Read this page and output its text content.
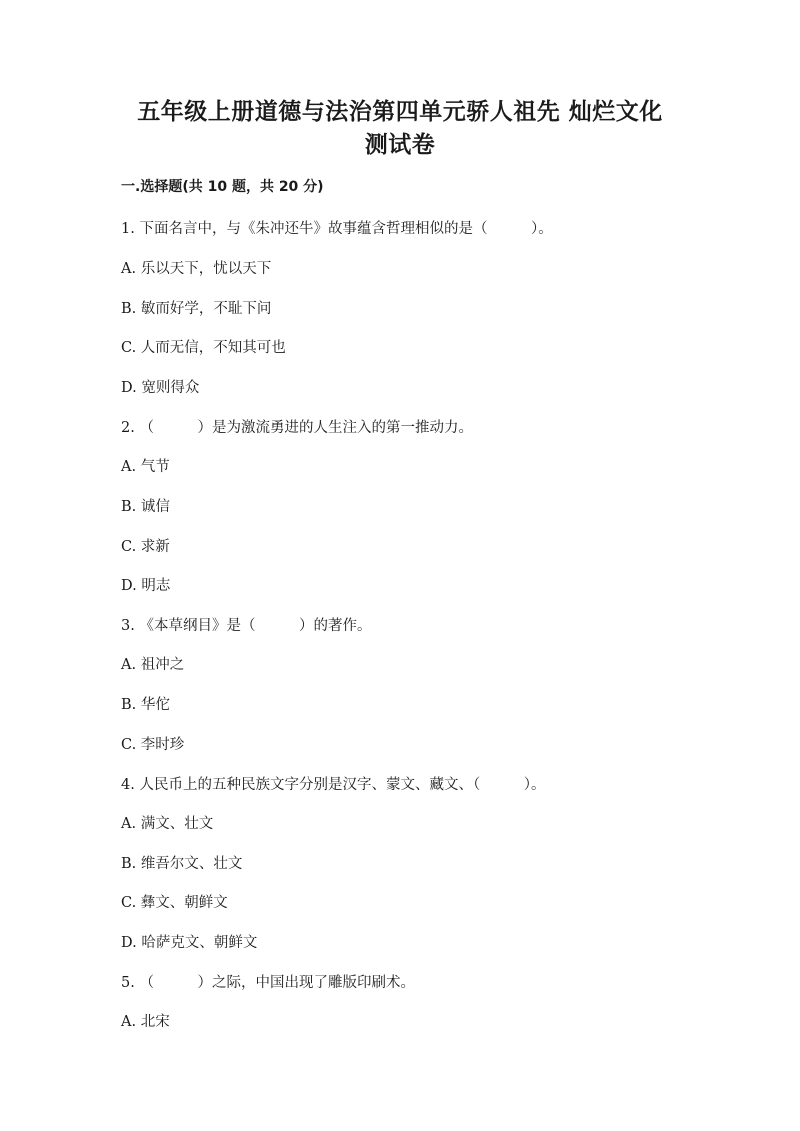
五年级上册道德与法治第四单元骄人祖先 灿烂文化
测试卷
一.选择题(共 10 题，共 20 分)
1. 下面名言中，与《朱冲还牛》故事蕴含哲理相似的是（　　　）。
A. 乐以天下，忧以天下
B. 敏而好学，不耻下问
C. 人而无信，不知其可也
D. 宽则得众
2. （　　　）是为激流勇进的人生注入的第一推动力。
A. 气节
B. 诚信
C. 求新
D. 明志
3. 《本草纲目》是（　　　）的著作。
A. 祖冲之
B. 华佗
C. 李时珍
4. 人民币上的五种民族文字分别是汉字、蒙文、藏文、（　　　）。
A. 满文、壮文
B. 维吾尔文、壮文
C. 彝文、朝鲜文
D. 哈萨克文、朝鲜文
5. （　　　）之际，中国出现了雕版印刷术。
A. 北宋
